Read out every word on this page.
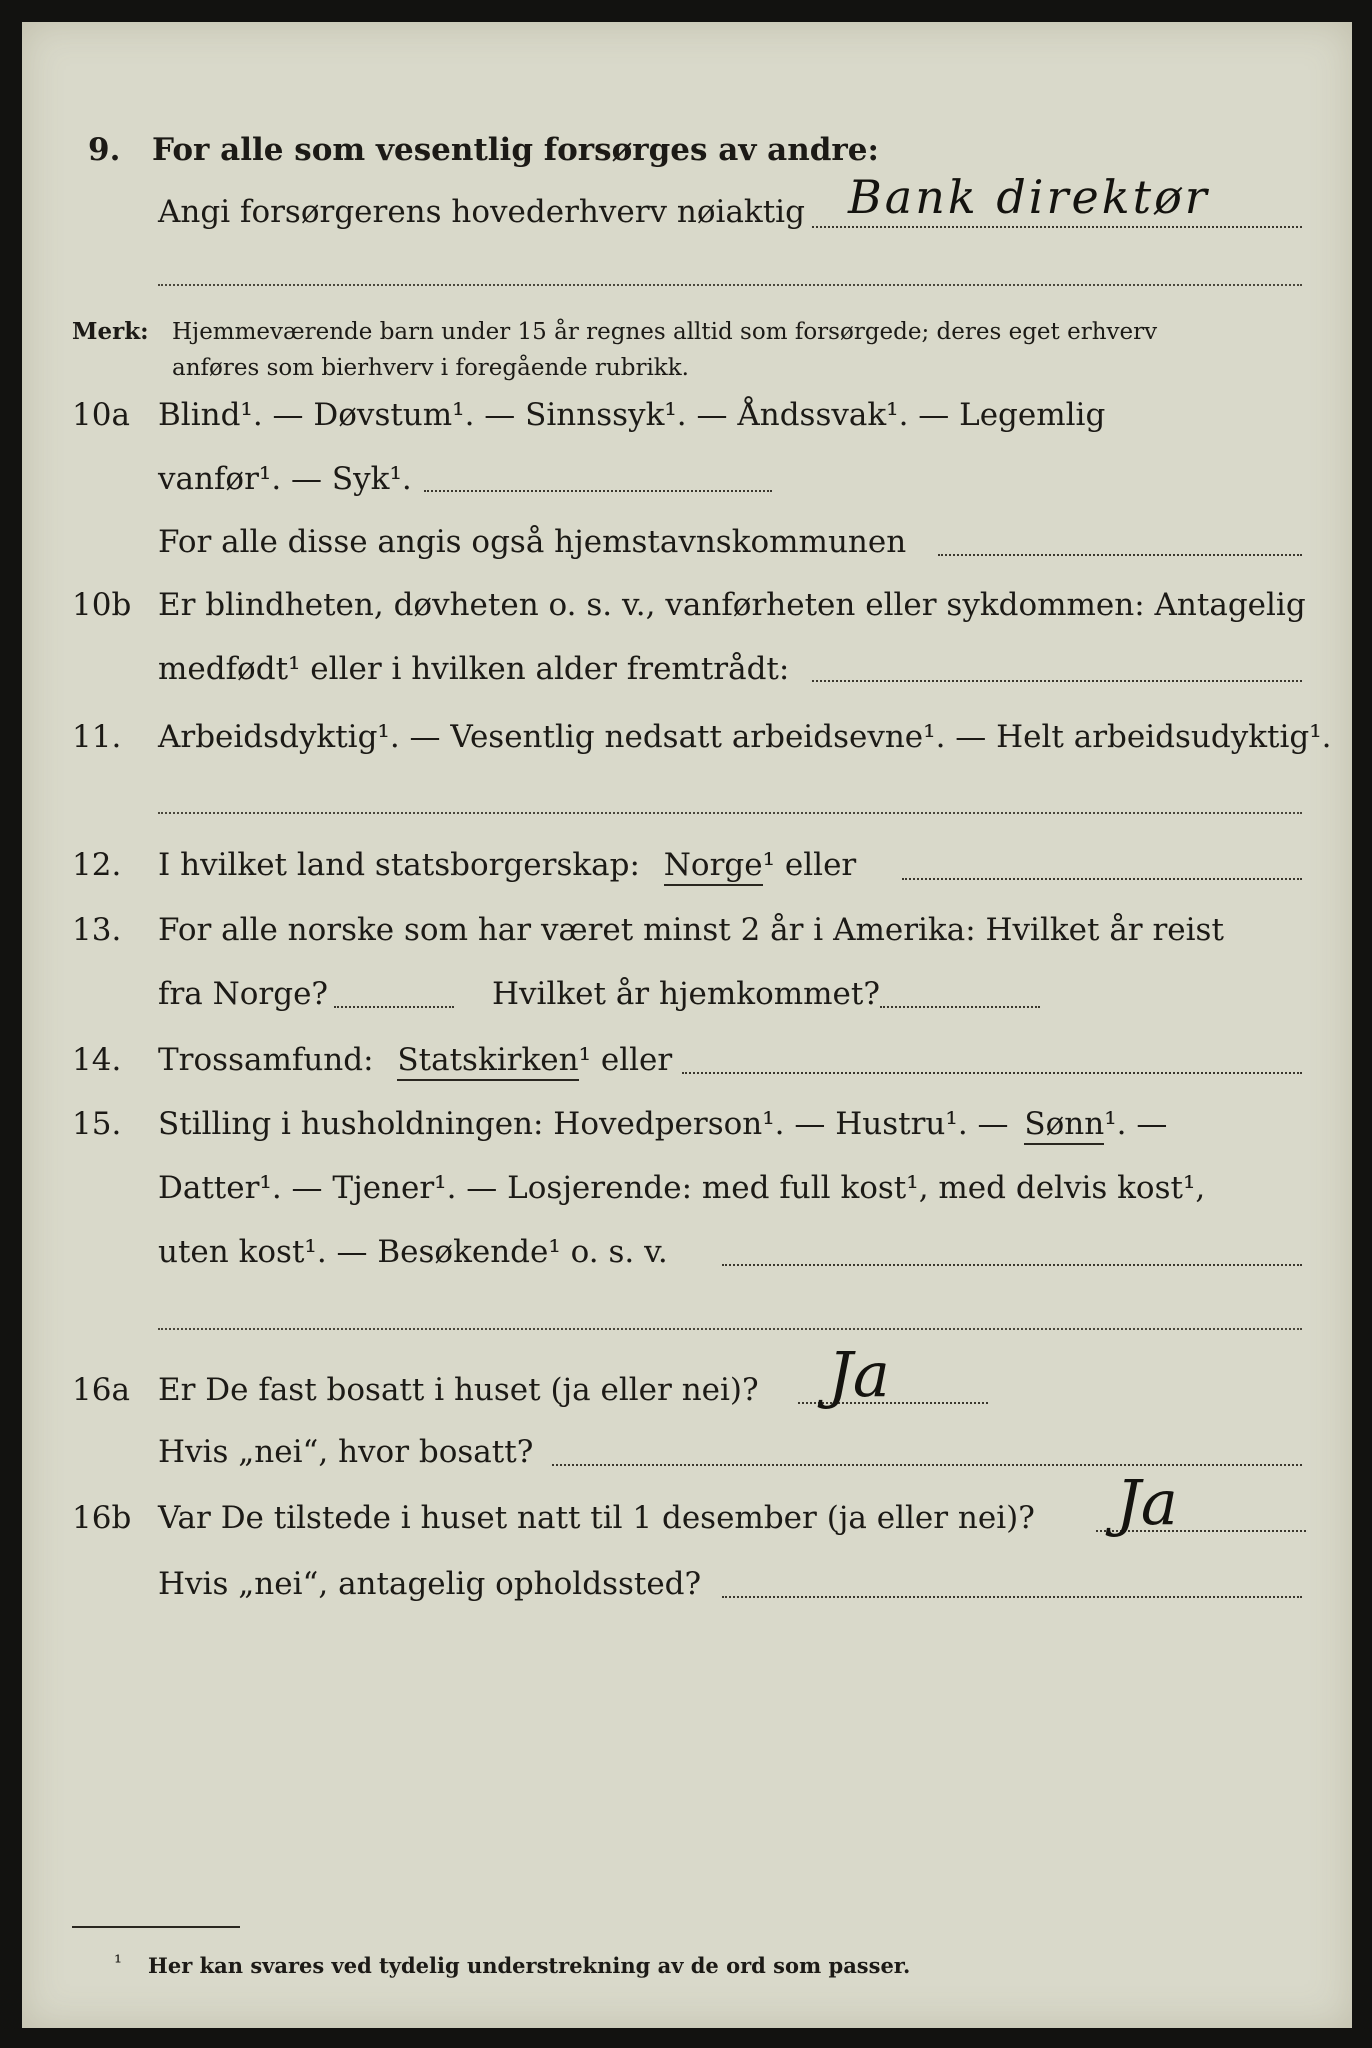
9. For alle som vesentlig forsørges av andre:
Angi forsørgerens hovederhverv nøiaktig Bank direktør
Merk: Hjemmeværende barn under 15 år regnes alltid som forsørgede; deres eget erhverv
anføres som bierhverv i foregående rubrikk.
10a Blind¹. — Døvstum¹. — Sinnssyk¹. — Åndssvak¹. — Legemlig
vanfør¹. — Syk¹.
For alle disse angis også hjemstavnskommunen
10b Er blindheten, døvheten o. s. v., vanførheten eller sykdommen: Antagelig
medfødt¹ eller i hvilken alder fremtrådt:
11. Arbeidsdyktig¹. — Vesentlig nedsatt arbeidsevne¹. — Helt arbeidsudyktig¹.
12. I hvilket land statsborgerskap: Norge¹ eller
13. For alle norske som har været minst 2 år i Amerika: Hvilket år reist
fra Norge?	Hvilket år hjemkommet?
14. Trossamfund: Statskirken¹ eller
15. Stilling i husholdningen: Hovedperson¹. — Hustru¹. — Sønn¹. —
Datter¹. — Tjener¹. — Losjerende: med full kost¹, med delvis kost¹,
uten kost¹. — Besøkende¹ o. s. v.
16a Er De fast bosatt i huset (ja eller nei)? Ja
Hvis „nei“, hvor bosatt?
16b Var De tilstede i huset natt til 1 desember (ja eller nei)? Ja
Hvis „nei“, antagelig opholdssted?
¹ Her kan svares ved tydelig understrekning av de ord som passer.
